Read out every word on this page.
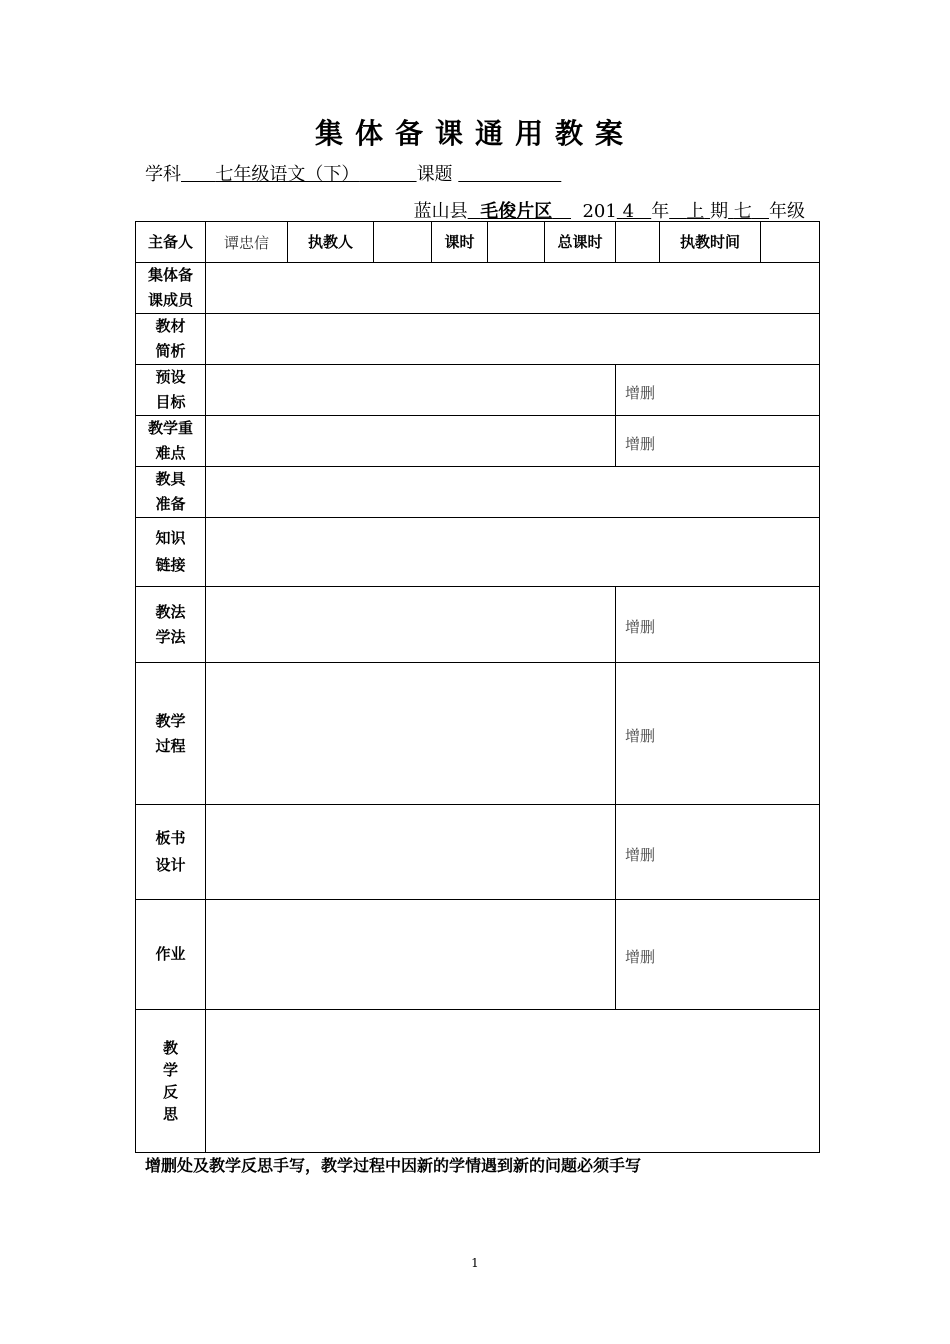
集体备课通用教案
学科 七年级语文（下）	课题
蓝山县 毛俊片区 201 4 年 上 期 七 年级
主备人	谭忠信	执教人		课时		总课时		执教时间	

集体备课成员									

教材简析									

预设目标							增删		

教学重难点							增删		

教具准备									

知识链接									

教法学法							增删		

教学过程							增删		

板书设计							增删		

作业							增删		

教学反思									

增删处及教学反思手写，教学过程中因新的学情遇到新的问题必须手写
1
